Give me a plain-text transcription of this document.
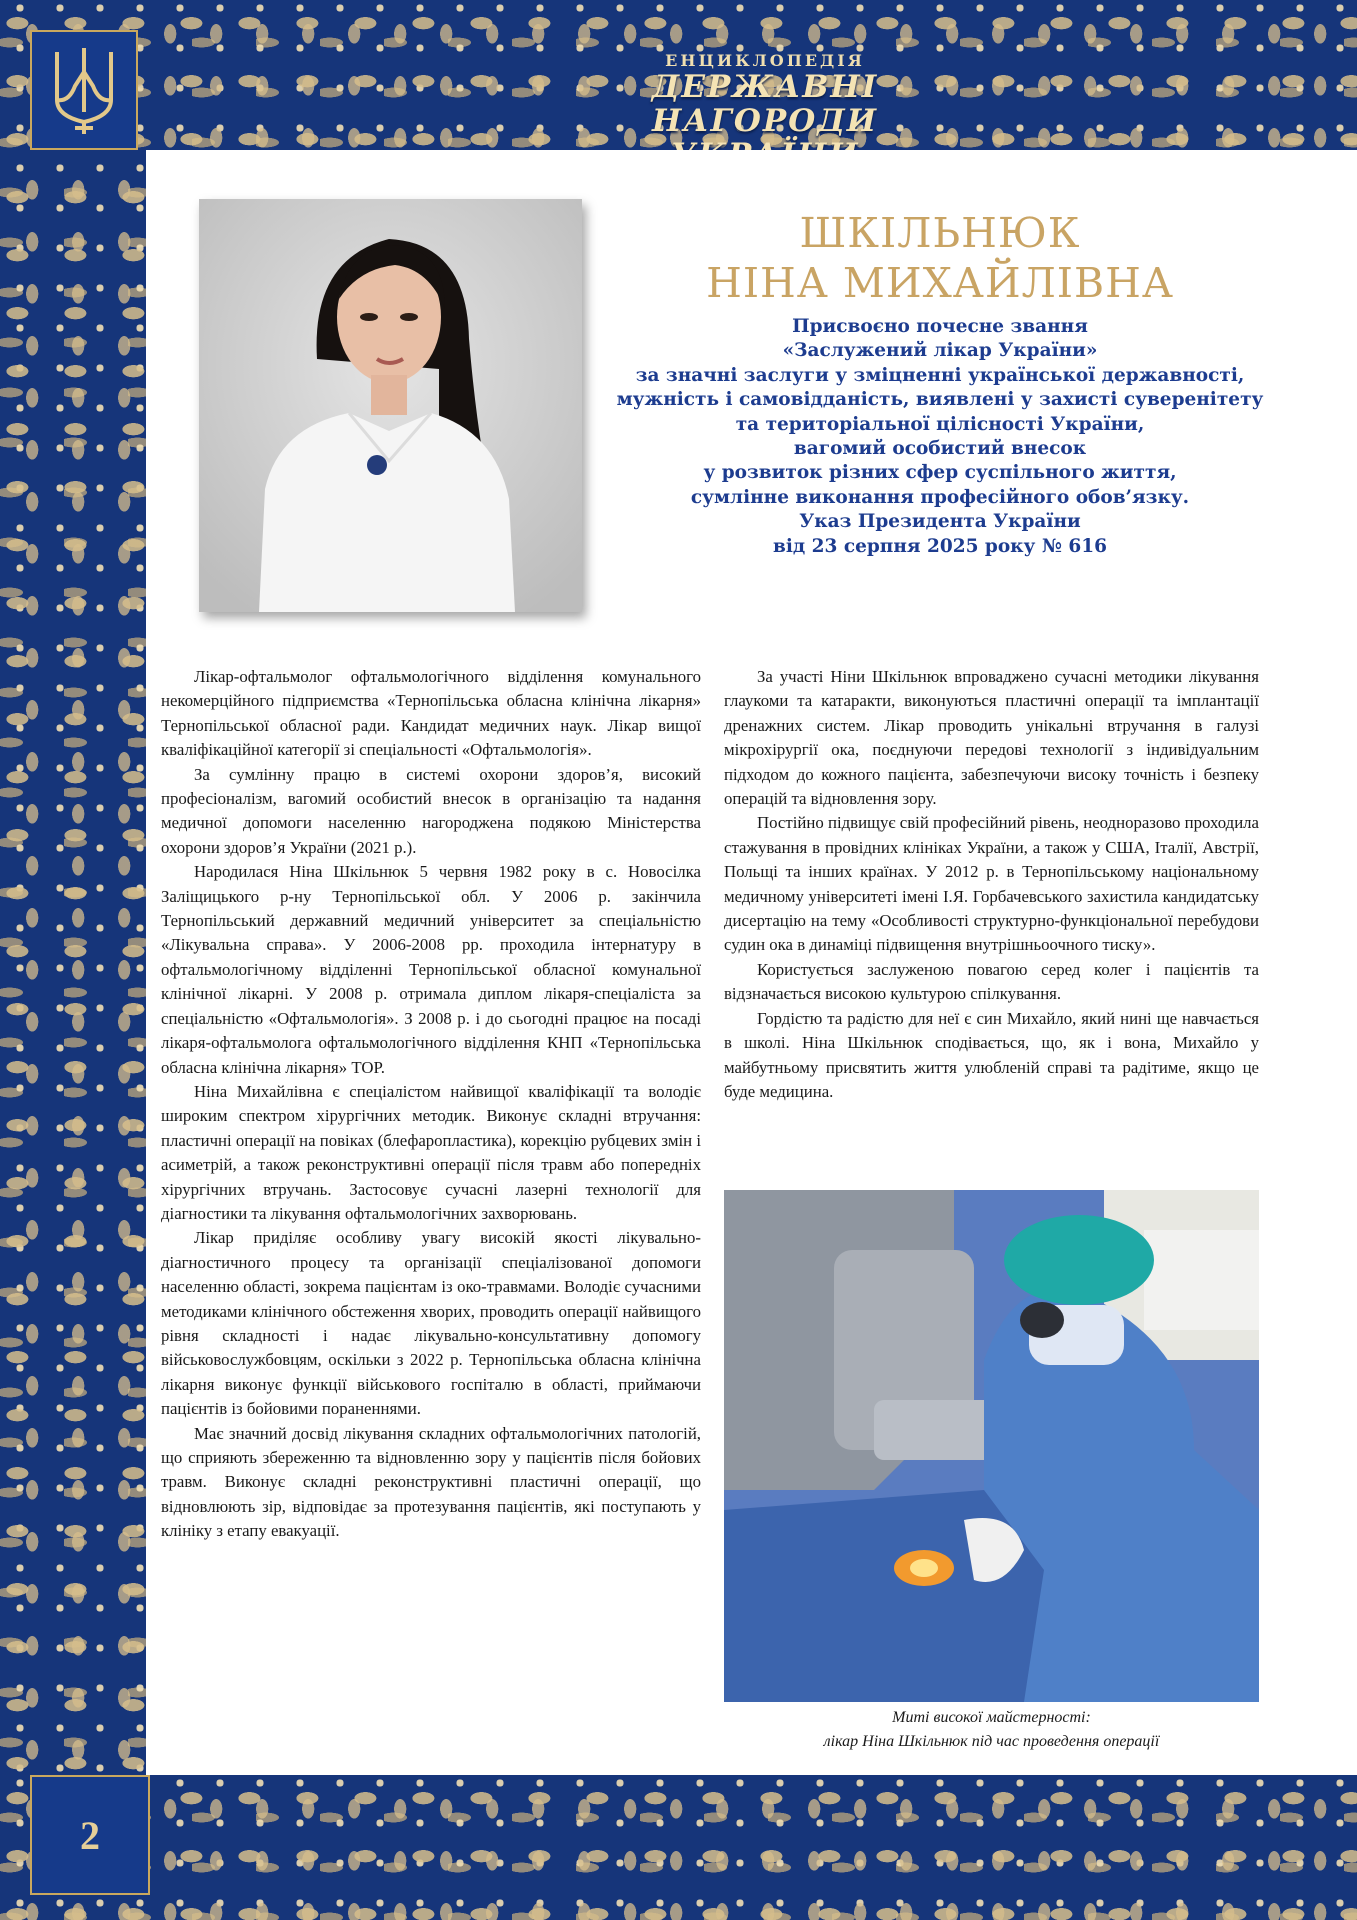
ЕНЦИКЛОПЕДІЯ
ДЕРЖАВНІ НАГОРОДИ
ШКІЛЬНЮК
НІНА МИХАЙЛІВНА
Присвоєно почесне звання
«Заслужений лікар України»
за значні заслуги у зміцненні української державності,
мужність і самовідданість, виявлені у захисті суверенітету
та територіальної цілісності України,
вагомий особистий внесок
у розвиток різних сфер суспільного життя,
сумлінне виконання професійного обов’язку.
Указ Президента України
від 23 серпня 2025 року № 616

Лікар-офтальмолог офтальмологічного відділення комунального некомерційного підприємства «Тернопільська обласна клінічна лікарня» Тернопільської обласної ради. Кандидат медичних наук. Лікар вищої кваліфікаційної категорії зі спеціальності «Офтальмологія».

За сумлінну працю в системі охорони здоров’я, високий професіоналізм, вагомий особистий внесок в організацію та надання медичної допомоги населенню нагороджена подякою Міністерства охорони здоров’я України (2021 р.).

Народилася Ніна Шкільнюк 5 червня 1982 року в с. Новосілка Заліщицького р-ну Тернопільської обл. У 2006 р. закінчила Тернопільський державний медичний університет за спеціальністю «Лікувальна справа». У 2006-2008 рр. проходила інтернатуру в офтальмологічному відділенні Тернопільської обласної комунальної клінічної лікарні. У 2008 р. отримала диплом лікаря-спеціаліста за спеціальністю «Офтальмологія». З 2008 р. і до сьогодні працює на посаді лікаря-офтальмолога офтальмологічного відділення КНП «Тернопільська обласна клінічна лікарня» ТОР.

Ніна Михайлівна є спеціалістом найвищої кваліфікації та володіє широким спектром хірургічних методик. Виконує складні втручання: пластичні операції на повіках (блефаропластика), корекцію рубцевих змін і асиметрій, а також реконструктивні операції після травм або попередніх хірургічних втручань. Застосовує сучасні лазерні технології для діагностики та лікування офтальмологічних захворювань.

Лікар приділяє особливу увагу високій якості лікувально-діагностичного процесу та організації спеціалізованої допомоги населенню області, зокрема пацієнтам із око-травмами. Володіє сучасними методиками клінічного обстеження хворих, проводить операції найвищого рівня складності і надає лікувально-консультативну допомогу військовослужбовцям, оскільки з 2022 р. Тернопільська обласна клінічна лікарня виконує функції військового госпіталю в області, приймаючи пацієнтів із бойовими пораненнями.

Має значний досвід лікування складних офтальмологічних патологій, що сприяють збереженню та відновленню зору у пацієнтів після бойових травм. Виконує складні реконструктивні пластичні операції, що відновлюють зір, відповідає за протезування пацієнтів, які поступають у клініку з етапу евакуації.

За участі Ніни Шкільнюк впроваджено сучасні методики лікування глаукоми та катаракти, виконуються пластичні операції та імплантації дренажних систем. Лікар проводить унікальні втручання в галузі мікрохірургії ока, поєднуючи передові технології з індивідуальним підходом до кожного пацієнта, забезпечуючи високу точність і безпеку операцій та відновлення зору.

Постійно підвищує свій професійний рівень, неодноразово проходила стажування в провідних клініках України, а також у США, Італії, Австрії, Польщі та інших країнах. У 2012 р. в Тернопільському національному медичному університеті імені І.Я. Горбачевського захистила кандидатську дисертацію на тему «Особливості структурно-функціональної перебудови судин ока в динаміці підвищення внутрішньоочного тиску».

Користується заслуженою повагою серед колег і пацієнтів та відзначається високою культурою спілкування.

Гордістю та радістю для неї є син Михайло, який нині ще навчається в школі. Ніна Шкільнюк сподівається, що, як і вона, Михайло у майбутньому присвятить життя улюбленій справі та радітиме, якщо це буде медицина.

Миті високої майстерності:
лікар Ніна Шкільнюк під час проведення операції
2
